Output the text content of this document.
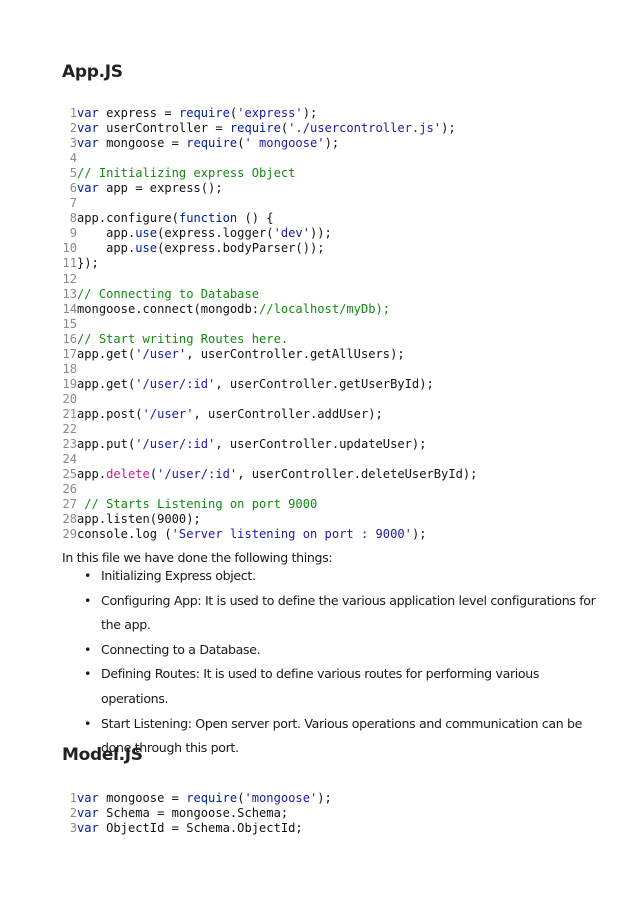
App.JS
1 var express = require('express');
2 var userController = require('./usercontroller.js');
3 var mongoose = require(' mongoose');
4
5 // Initializing express Object
6 var app = express();
7
8 app.configure(function () {
9 app.use(express.logger('dev'));
10 app.use(express.bodyParser());
11 });
12
13 // Connecting to Database
14 mongoose.connect(mongodb://localhost/myDb);
15
16 // Start writing Routes here.
17 app.get('/user', userController.getAllUsers);
18
19 app.get('/user/:id', userController.getUserById);
20
21 app.post('/user', userController.addUser);
22
23 app.put('/user/:id', userController.updateUser);
24
25 app.delete('/user/:id', userController.deleteUserById);
26
27 // Starts Listening on port 9000
28 app.listen(9000);
29 console.log ('Server listening on port : 9000');
In this file we have done the following things:
• Initializing Express object.
• Configuring App: It is used to define the various application level configurations for the app.
• Connecting to a Database.
• Defining Routes: It is used to define various routes for performing various operations.
• Start Listening: Open server port. Various operations and communication can be done through this port.
Model.JS
1 var mongoose = require('mongoose');
2 var Schema = mongoose.Schema;
3 var ObjectId = Schema.ObjectId;
